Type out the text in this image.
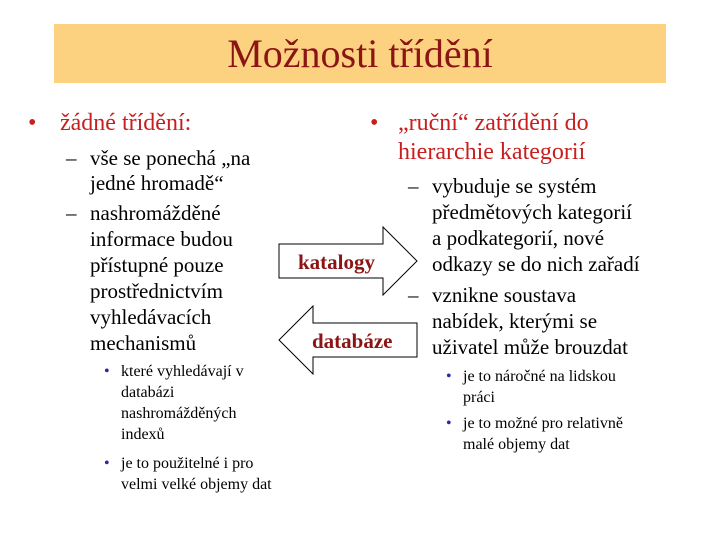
Možnosti třídění
• žádné třídění:

– vše se ponechá „na

jedné hromadě“

– nashromážděné

informace budou

přístupné pouze

prostřednictvím

vyhledávacích

mechanismů

• které vyhledávají v

databázi

nashromážděných

indexů

• je to použitelné i pro

velmi velké objemy dat

• „ruční“ zatřídění do

hierarchie kategorií

– vybuduje se systém

předmětových kategorií

a podkategorií, nové

odkazy se do nich zařadí

– vznikne soustava

nabídek, kterými se

uživatel může brouzdat

• je to náročné na lidskou

práci

• je to možné pro relativně

malé objemy dat

katalogy
databáze
